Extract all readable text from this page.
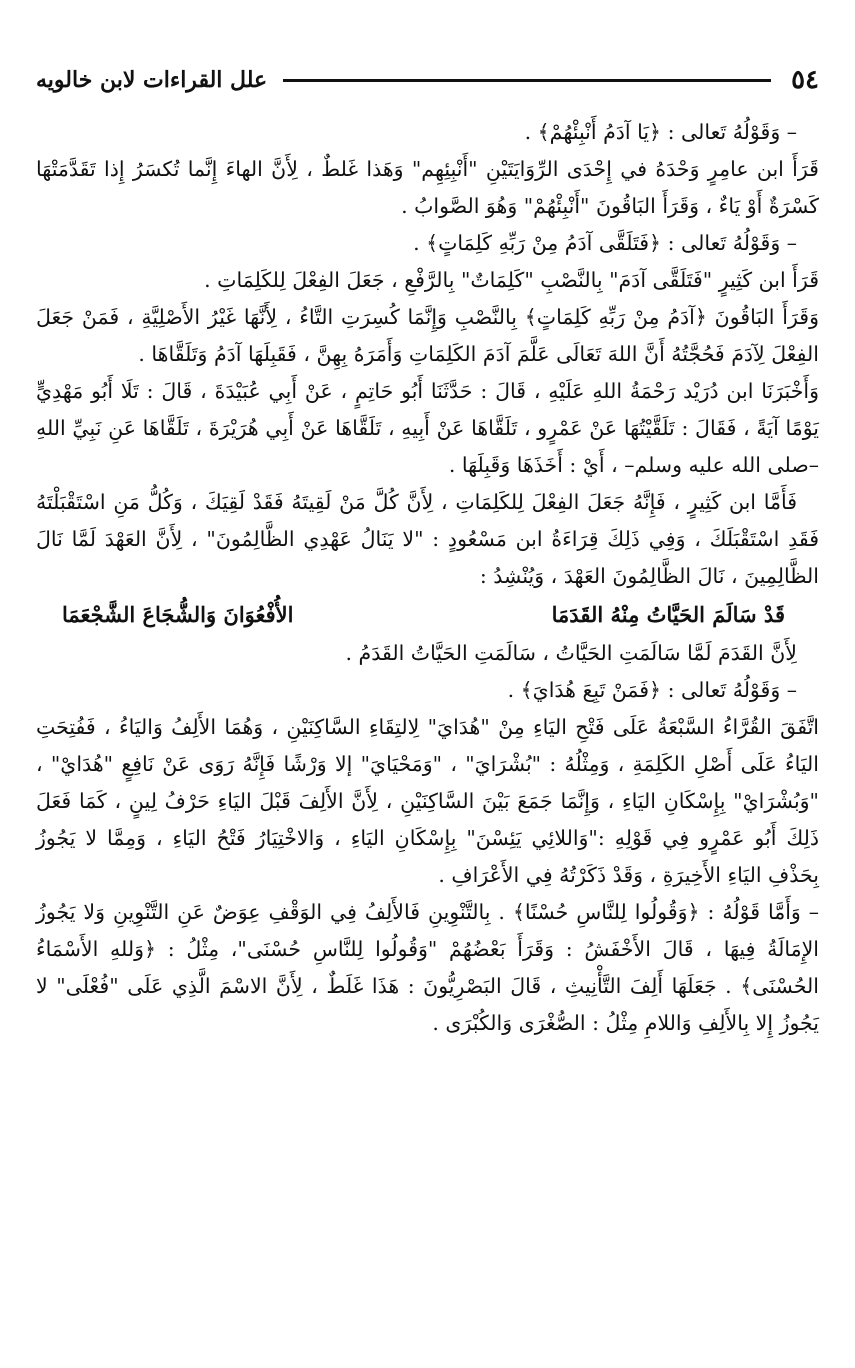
٥٤
علل القراءات لابن خالويه

– وَقَوْلُهُ تَعالى : ﴿يَا آدَمُ أَنْبِئْهُمْ﴾ .

قَرَأَ ابن عامِرٍ وَحْدَهُ في إِحْدَى الرِّوَايَتَيْنِ "أَنْبِئِهِم" وَهَذا غَلطٌ ، لِأَنَّ الهاءَ إِنَّما تُكسَرُ إِذا تَقَدَّمَتْهَا كَسْرَةٌ أَوْ يَاءٌ ، وَقَرَأَ البَاقُونَ "أَنْبِئْهُمْ" وَهُوَ الصَّوابُ .

– وَقَوْلُهُ تَعالى : ﴿فَتَلَقَّى آدَمُ مِنْ رَبِّهِ كَلِمَاتٍ﴾ .

قَرَأَ ابن كَثِيرٍ "فَتَلَقَّى آدَمَ" بِالنَّصْبِ "كَلِمَاتٌ" بِالرَّفْعِ ، جَعَلَ الفِعْلَ لِلكَلِمَاتِ .

وَقَرَأَ البَاقُونَ ﴿آدَمُ مِنْ رَبِّهِ كَلِمَاتٍ﴾ بِالنَّصْبِ وَإِنَّمَا كُسِرَتِ التَّاءُ ، لِأَنَّهَا غَيْرُ الأَصْلِيَّةِ ، فَمَنْ جَعَلَ الفِعْلَ لِآدَمَ فَحُجَّتُهُ أَنَّ اللهَ تَعَالَى عَلَّمَ آدَمَ الكَلِمَاتِ وَأَمَرَهُ بِهِنَّ ، فَقَبِلَهَا آدَمُ وَتَلَقَّاهَا .

وَأَخْبَرَنَا ابن دُرَيْد رَحْمَةُ اللهِ عَلَيْهِ ، قَالَ : حَدَّثَنَا أَبُو حَاتِمٍ ، عَنْ أَبِي عُبَيْدَةَ ، قَالَ : تَلَا أَبُو مَهْدِيٍّ يَوْمًا آيَةً ، فَقَالَ : تَلَقَّيْتُهَا عَنْ عَمْرٍو ، تَلَقَّاهَا عَنْ أَبِيهِ ، تَلَقَّاهَا عَنْ أَبِي هُرَيْرَةَ ، تَلَقَّاهَا عَنِ نَبِيِّ اللهِ –صلى الله عليه وسلم– ، أَيْ : أَخَذَهَا وَقَبِلَهَا .

فَأَمَّا ابن كَثِيرٍ ، فَإِنَّهُ جَعَلَ الفِعْلَ لِلكَلِمَاتِ ، لِأَنَّ كُلَّ مَنْ لَقِيتَهُ فَقَدْ لَقِيَكَ ، وَكُلُّ مَنِ اسْتَقْبَلْتَهُ فَقَدِ اسْتَقْبَلَكَ ، وَفِي ذَلِكَ قِرَاءَةُ ابن مَسْعُودٍ : "لا يَنَالُ عَهْدِي الظَّالِمُونَ" ، لِأَنَّ العَهْدَ لَمَّا نَالَ الظَّالِمِينَ ، نَالَ الظَّالِمُونَ العَهْدَ ، وَيُنْشِدُ :

قَدْ سَالَمَ الحَيَّاتُ مِنْهُ القَدَمَا
الأُفْعُوَانَ وَالشُّجَاعَ الشَّجْعَمَا

لِأَنَّ القَدَمَ لَمَّا سَالَمَتِ الحَيَّاتُ ، سَالَمَتِ الحَيَّاتُ القَدَمُ .

– وَقَوْلُهُ تَعالى : ﴿فَمَنْ تَبِعَ هُدَايَ﴾ .

اتَّفَقَ القُرَّاءُ السَّبْعَةُ عَلَى فَتْحِ اليَاءِ مِنْ "هُدَايَ" لِالتِقَاءِ السَّاكِنَيْنِ ، وَهُمَا الأَلِفُ وَاليَاءُ ، فَفُتِحَتِ اليَاءُ عَلَى أَصْلِ الكَلِمَةِ ، وَمِثْلُهُ : "بُشْرَايَ" ، "وَمَحْيَايَ" إلا وَرْشًا فَإِنَّهُ رَوَى عَنْ نَافِعٍ "هُدَايْ" ، "وَبُشْرَايْ" بِإِسْكَانِ اليَاءِ ، وَإِنَّمَا جَمَعَ بَيْنَ السَّاكِنَيْنِ ، لِأَنَّ الأَلِفَ قَبْلَ اليَاءِ حَرْفُ لِينٍ ، كَمَا فَعَلَ ذَلِكَ أَبُو عَمْرٍو فِي قَوْلِهِ :"وَاللائِي يَئِسْنَ" بِإِسْكَانِ اليَاءِ ، وَالاخْتِيَارُ فَتْحُ اليَاءِ ، وَمِمَّا لا يَجُوزُ بِحَذْفِ اليَاءِ الأَخِيرَةِ ، وَقَدْ ذَكَرْتُهُ فِي الأَعْرَافِ .

– وَأَمَّا قَوْلُهُ : ﴿وَقُولُوا لِلنَّاسِ حُسْنًا﴾ . بِالتَّنْوِينِ فَالأَلِفُ فِي الوَقْفِ عِوَضٌ عَنِ التَّنْوِينِ وَلا يَجُوزُ الإِمَالَةُ فِيهَا ، قَالَ الأَخْفَشُ : وَقَرَأَ بَعْضُهُمْ "وَقُولُوا لِلنَّاسِ حُسْنَى"، مِثْلُ : ﴿وَللهِ الأَسْمَاءُ الحُسْنَى﴾ . جَعَلَهَا أَلِفَ التَّأْنِيثِ ، قَالَ البَصْرِيُّونَ : هَذَا غَلَطٌ ، لِأَنَّ الاسْمَ الَّذِي عَلَى "فُعْلَى" لا يَجُوزُ إِلا بِالأَلِفِ وَاللامِ مِثْلُ : الصُّغْرَى وَالكُبْرَى .
